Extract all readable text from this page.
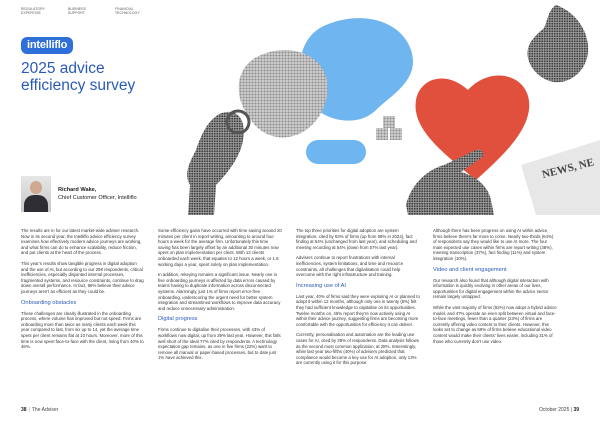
REGULATORY EXPERTISE
BUSINESS SUPPORT
FINANCIAL TECHNOLOGY
intelliflo
2025 advice efficiency survey
NEWS, NE
Richard Wake,
Chief Customer Officer, Intelliflo

The results are in for our latest market-wide adviser research. Now in its second year, the Intelliflo advice efficiency survey examines how effectively modern advice journeys are working, and what firms can do to enhance scalability, reduce friction, and put clients at the heart of the process.

This year's results show tangible progress in digital adoption and the use of AI, but according to our 298 respondents, critical inefficiencies, especially disjointed internal processes, fragmented systems, and resource constraints, continue to drag down overall performance. In fact, 96% believe their advice journeys aren't as efficient as they could be.

Onboarding obstacles

These challenges are clearly illustrated in the onboarding process, where volume has improved but not speed. Firms are onboarding more than twice as many clients each week this year compared to last, from six up to 14, yet the average time spent per client remains flat at 10 hours. Moreover, more of this time is now spent face-to-face with the client, rising from 40% to 46%.

Some efficiency gains have occurred with time saving around 20 minutes per client in report writing, amounting to around four hours a week for the average firm. Unfortunately this time saving has been largely offset by an additional 30 minutes now spent on plan implementation per client. With 13 clients onboarded each week, that equates to 12 hours a week, or 1.8 working days a year, spent solely on plan implementation.

In addition, rekeying remains a significant issue. Nearly one in five onboarding journeys is affected by data errors caused by teams having to duplicate information across disconnected systems. Alarmingly, just 1% of firms report error-free onboarding, underscoring the urgent need for better system integration and streamlined workflows to improve data accuracy and reduce unnecessary administration.

Digital progress

Firms continue to digitalise their processes, with 43% of workflows now digital, up from 39% last year. However, this falls well short of the ideal 77% cited by respondents. A technology expectation gap remains, as one in five firms (22%) want to remove all manual or paper-based processes, but to date just 1% have achieved this.

The top three priorities for digital adoption are system integration, cited by 63% of firms (up from 58% in 2024), fact finding at 54% (unchanged from last year), and scheduling and meeting recording at 54% (down from 57% last year).

Advisers continue to report frustrations with internal inefficiencies, system limitations, and time and resource constraints, all challenges that digitalisation could help overcome with the right infrastructure and training.

Increasing use of AI

Last year, 40% of firms said they were exploring AI or planned to adopt it within 12 months, although only one in twenty (5%) felt they had sufficient knowledge to capitalise on its opportunities. Twelve months on, 46% report they're now actively using AI within their advice journey, suggesting firms are becoming more comfortable with the opportunities for efficiency it can deliver.

Currently, personalisation and automation are the leading use cases for AI, cited by 38% of respondents. Data analysis follows as the second most common application, at 28%. Interestingly, while last year two-fifths (40%) of advisers predicted that compliance would become a key use for AI adoption, only 13% are currently using it for this purpose.

Although there has been progress on using AI within advice, firms believe there's far more to come. Nearly two-thirds (64%) of respondents say they would like to use AI more. The four main expected use cases within firms are report writing (38%), meeting transcription (37%), fact finding (11%) and system integration (10%).

Video and client engagement

Our research also found that although digital interaction with information is quickly evolving in other areas of our lives, opportunities for digital engagement within the advice sector remain largely untapped.

While the vast majority of firms (92%) now adopt a hybrid advice model, and 47% operate an even split between virtual and face-to-face meetings, fewer than a quarter (23%) of firms are currently offering video content to their clients. However, this looks set to change as 69% of firms believe educational video content would make their clients' lives easier, including 31% of those who currently don't use video.

38 | The Adviser	October 2025 | 39
